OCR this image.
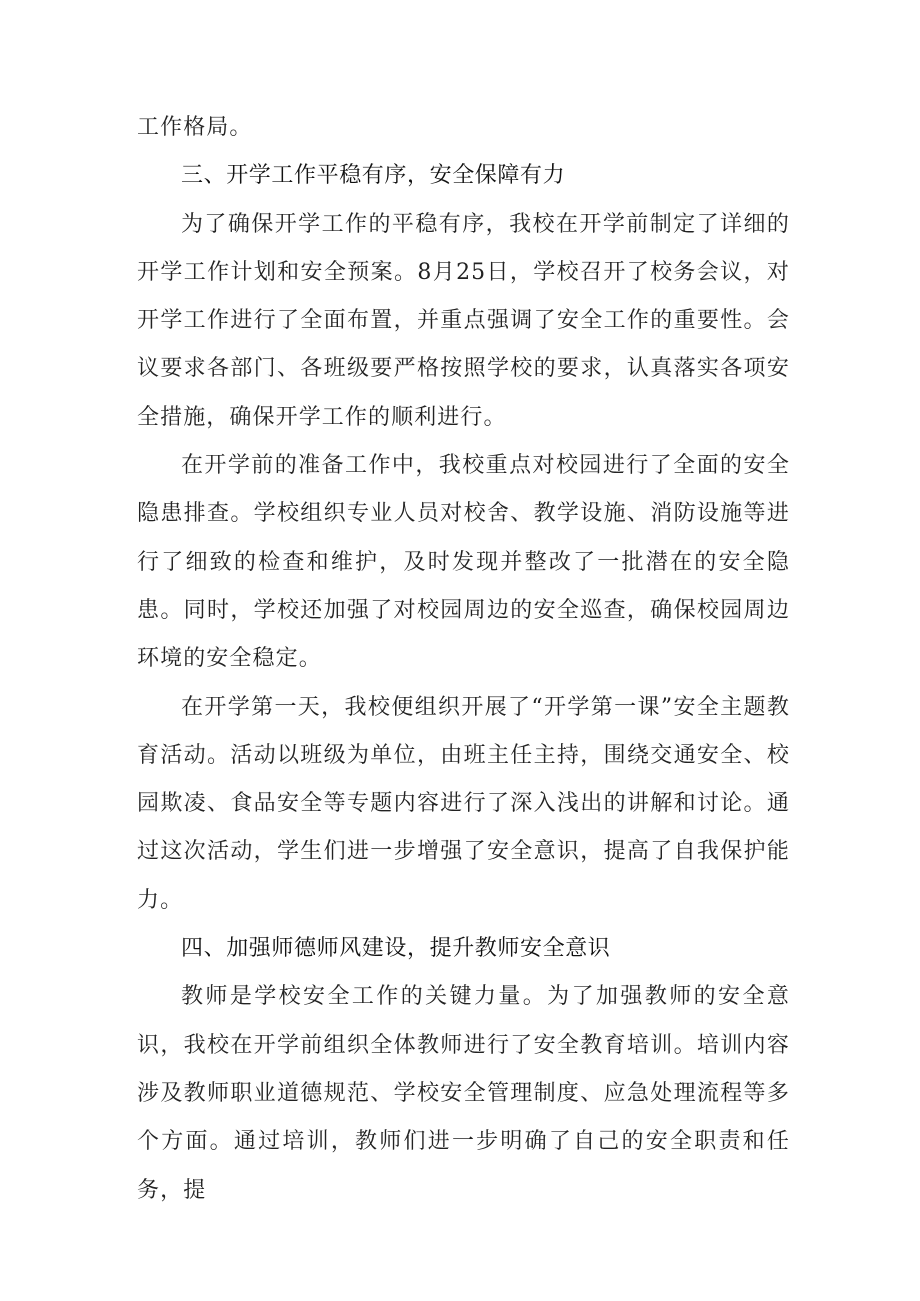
工作格局。

三、开学工作平稳有序，安全保障有力

为了确保开学工作的平稳有序，我校在开学前制定了详细的开学工作计划和安全预案。8月25日，学校召开了校务会议，对开学工作进行了全面布置，并重点强调了安全工作的重要性。会议要求各部门、各班级要严格按照学校的要求，认真落实各项安全措施，确保开学工作的顺利进行。

在开学前的准备工作中，我校重点对校园进行了全面的安全隐患排查。学校组织专业人员对校舍、教学设施、消防设施等进行了细致的检查和维护，及时发现并整改了一批潜在的安全隐患。同时，学校还加强了对校园周边的安全巡查，确保校园周边环境的安全稳定。

在开学第一天，我校便组织开展了“开学第一课”安全主题教育活动。活动以班级为单位，由班主任主持，围绕交通安全、校园欺凌、食品安全等专题内容进行了深入浅出的讲解和讨论。通过这次活动，学生们进一步增强了安全意识，提高了自我保护能力。

四、加强师德师风建设，提升教师安全意识

教师是学校安全工作的关键力量。为了加强教师的安全意识，我校在开学前组织全体教师进行了安全教育培训。培训内容涉及教师职业道德规范、学校安全管理制度、应急处理流程等多个方面。通过培训，教师们进一步明确了自己的安全职责和任务，提
